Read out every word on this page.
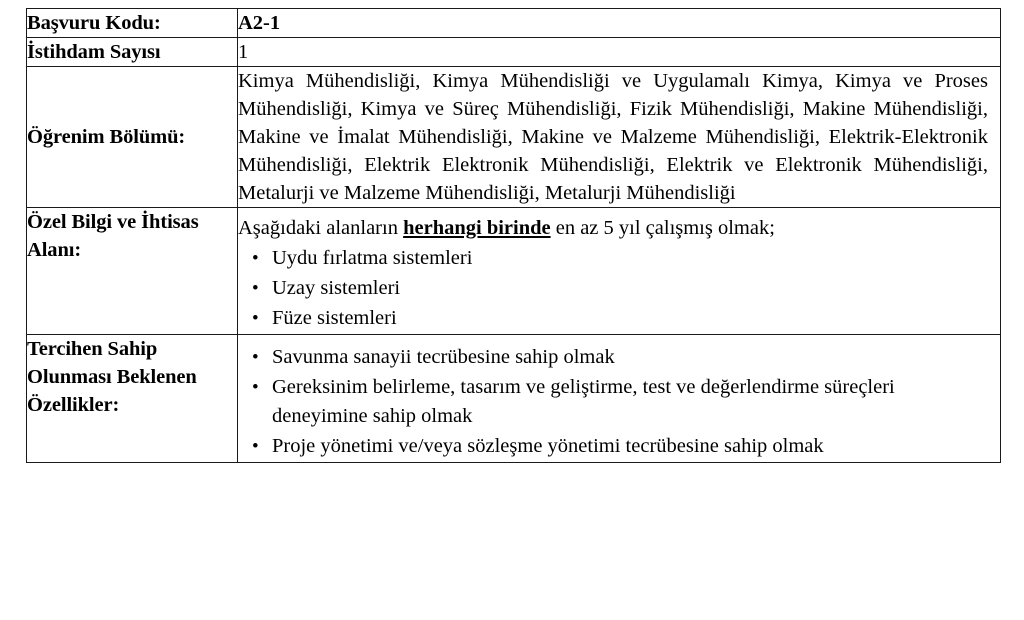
Başvuru Kodu:	A2-1
İstihdam Sayısı	1
Öğrenim Bölümü:	Kimya Mühendisliği, Kimya Mühendisliği ve Uygulamalı Kimya, Kimya ve Proses Mühendisliği, Kimya ve Süreç Mühendisliği, Fizik Mühendisliği, Makine Mühendisliği, Makine ve İmalat Mühendisliği, Makine ve Malzeme Mühendisliği, Elektrik-Elektronik Mühendisliği, Elektrik Elektronik Mühendisliği, Elektrik ve Elektronik Mühendisliği, Metalurji ve Malzeme Mühendisliği, Metalurji Mühendisliği
Özel Bilgi ve İhtisas Alanı:	

Aşağıdaki alanların herhangi birinde en az 5 yıl çalışmış olmak;

• Uydu fırlatma sistemleri
• Uzay sistemleri
• Füze sistemleri

Tercihen Sahip Olunması Beklenen Özellikler:	
• Savunma sanayii tecrübesine sahip olmak
• Gereksinim belirleme, tasarım ve geliştirme, test ve değerlendirme süreçleri deneyimine sahip olmak
• Proje yönetimi ve/veya sözleşme yönetimi tecrübesine sahip olmak
